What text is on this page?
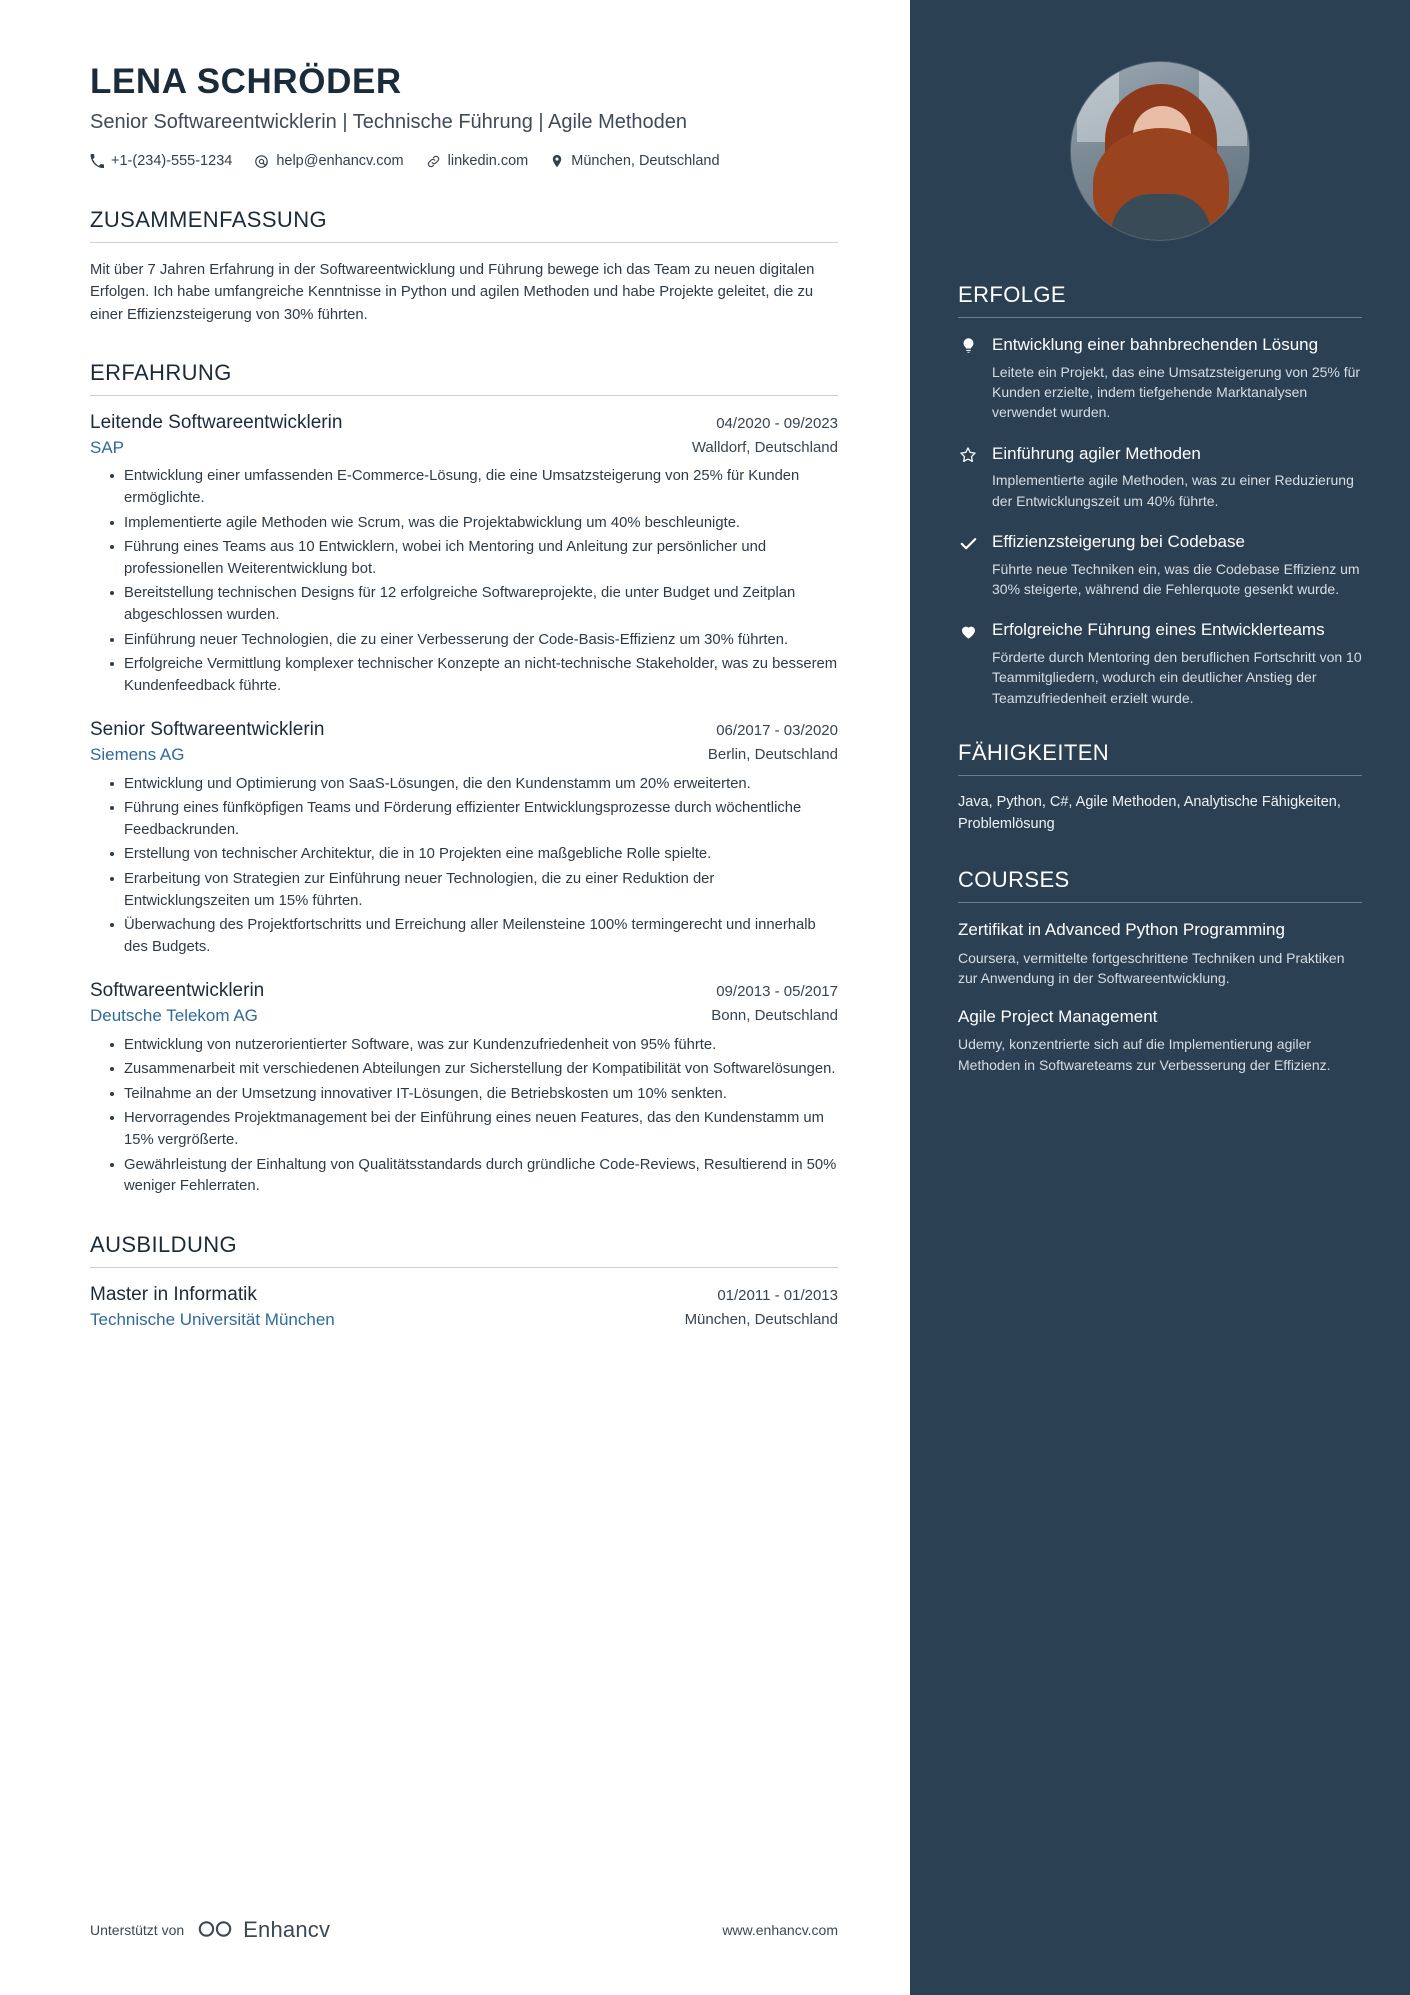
LENA SCHRÖDER
Senior Softwareentwicklerin | Technische Führung | Agile Methoden
+1-(234)-555-1234	help@enhancv.com	linkedin.com	München, Deutschland
ZUSAMMENFASSUNG
Mit über 7 Jahren Erfahrung in der Softwareentwicklung und Führung bewege ich das Team zu neuen digitalen Erfolgen. Ich habe umfangreiche Kenntnisse in Python und agilen Methoden und habe Projekte geleitet, die zu einer Effizienzsteigerung von 30% führten.
ERFAHRUNG
Leitende Softwareentwicklerin	04/2020 - 09/2023
SAP	Walldorf, Deutschland
Entwicklung einer umfassenden E-Commerce-Lösung, die eine Umsatzsteigerung von 25% für Kunden ermöglichte.
Implementierte agile Methoden wie Scrum, was die Projektabwicklung um 40% beschleunigte.
Führung eines Teams aus 10 Entwicklern, wobei ich Mentoring und Anleitung zur persönlicher und professionellen Weiterentwicklung bot.
Bereitstellung technischen Designs für 12 erfolgreiche Softwareprojekte, die unter Budget und Zeitplan abgeschlossen wurden.
Einführung neuer Technologien, die zu einer Verbesserung der Code-Basis-Effizienz um 30% führten.
Erfolgreiche Vermittlung komplexer technischer Konzepte an nicht-technische Stakeholder, was zu besserem Kundenfeedback führte.
Senior Softwareentwicklerin	06/2017 - 03/2020
Siemens AG	Berlin, Deutschland
Entwicklung und Optimierung von SaaS-Lösungen, die den Kundenstamm um 20% erweiterten.
Führung eines fünfköpfigen Teams und Förderung effizienter Entwicklungsprozesse durch wöchentliche Feedbackrunden.
Erstellung von technischer Architektur, die in 10 Projekten eine maßgebliche Rolle spielte.
Erarbeitung von Strategien zur Einführung neuer Technologien, die zu einer Reduktion der Entwicklungszeiten um 15% führten.
Überwachung des Projektfortschritts und Erreichung aller Meilensteine 100% termingerecht und innerhalb des Budgets.
Softwareentwicklerin	09/2013 - 05/2017
Deutsche Telekom AG	Bonn, Deutschland
Entwicklung von nutzerorientierter Software, was zur Kundenzufriedenheit von 95% führte.
Zusammenarbeit mit verschiedenen Abteilungen zur Sicherstellung der Kompatibilität von Softwarelösungen.
Teilnahme an der Umsetzung innovativer IT-Lösungen, die Betriebskosten um 10% senkten.
Hervorragendes Projektmanagement bei der Einführung eines neuen Features, das den Kundenstamm um 15% vergrößerte.
Gewährleistung der Einhaltung von Qualitätsstandards durch gründliche Code-Reviews, Resultierend in 50% weniger Fehlerraten.
AUSBILDUNG
Master in Informatik	01/2011 - 01/2013
Technische Universität München	München, Deutschland
Unterstützt von	Enhancv	www.enhancv.com
ERFOLGE
Entwicklung einer bahnbrechenden Lösung
Leitete ein Projekt, das eine Umsatzsteigerung von 25% für Kunden erzielte, indem tiefgehende Marktanalysen verwendet wurden.
Einführung agiler Methoden
Implementierte agile Methoden, was zu einer Reduzierung der Entwicklungszeit um 40% führte.
Effizienzsteigerung bei Codebase
Führte neue Techniken ein, was die Codebase Effizienz um 30% steigerte, während die Fehlerquote gesenkt wurde.
Erfolgreiche Führung eines Entwicklerteams
Förderte durch Mentoring den beruflichen Fortschritt von 10 Teammitgliedern, wodurch ein deutlicher Anstieg der Teamzufriedenheit erzielt wurde.
FÄHIGKEITEN
Java, Python, C#, Agile Methoden, Analytische Fähigkeiten, Problemlösung
COURSES
Zertifikat in Advanced Python Programming
Coursera, vermittelte fortgeschrittene Techniken und Praktiken zur Anwendung in der Softwareentwicklung.
Agile Project Management
Udemy, konzentrierte sich auf die Implementierung agiler Methoden in Softwareteams zur Verbesserung der Effizienz.
